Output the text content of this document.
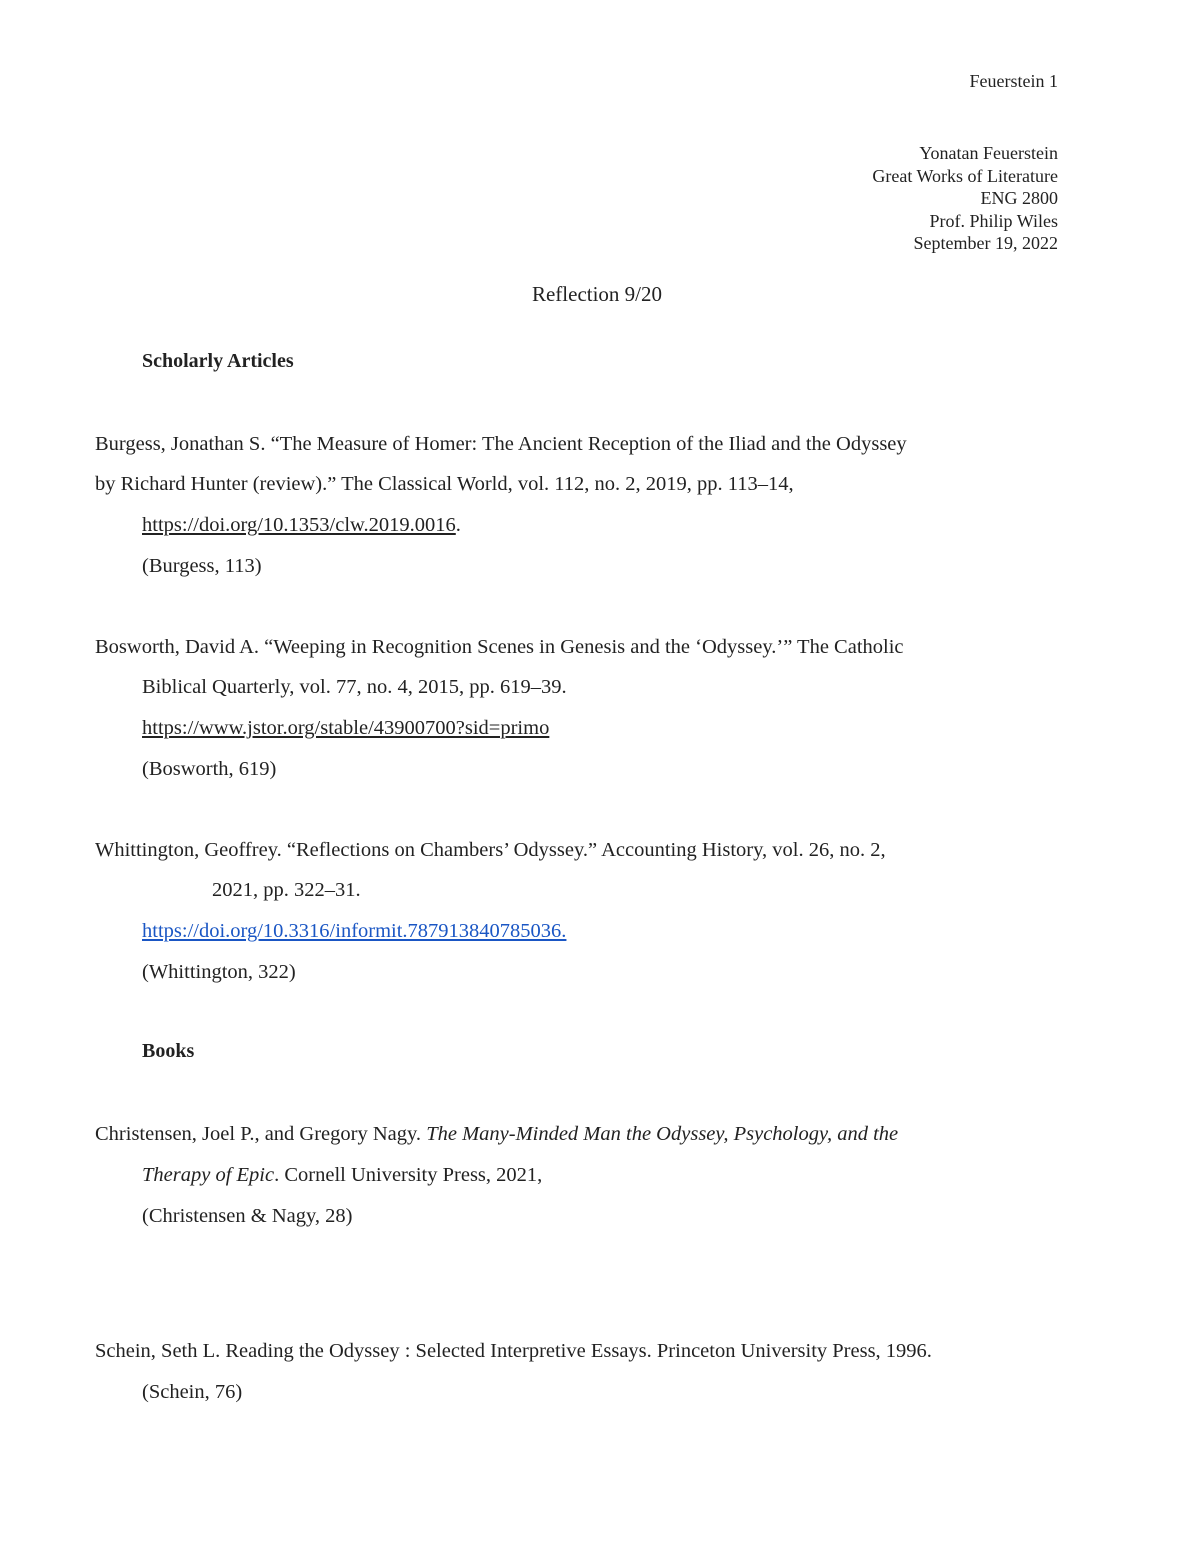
Feuerstein 1
Yonatan Feuerstein
Great Works of Literature
ENG 2800
Prof. Philip Wiles
September 19, 2022
Reflection 9/20
Scholarly Articles
Burgess, Jonathan S. “The Measure of Homer: The Ancient Reception of the Iliad and the Odyssey
by Richard Hunter (review).” The Classical World, vol. 112, no. 2, 2019, pp. 113–14,
https://doi.org/10.1353/clw.2019.0016.
(Burgess, 113)
Bosworth, David A. “Weeping in Recognition Scenes in Genesis and the ‘Odyssey.’” The Catholic
Biblical Quarterly, vol. 77, no. 4, 2015, pp. 619–39.
https://www.jstor.org/stable/43900700?sid=primo
(Bosworth, 619)
Whittington, Geoffrey. “Reflections on Chambers’ Odyssey.” Accounting History, vol. 26, no. 2,
2021, pp. 322–31.
https://doi.org/10.3316/informit.787913840785036.
(Whittington, 322)
Books
Christensen, Joel P., and Gregory Nagy. The Many-Minded Man the Odyssey, Psychology, and the
Therapy of Epic. Cornell University Press, 2021,
(Christensen & Nagy, 28)
Schein, Seth L. Reading the Odyssey : Selected Interpretive Essays. Princeton University Press, 1996.
(Schein, 76)
